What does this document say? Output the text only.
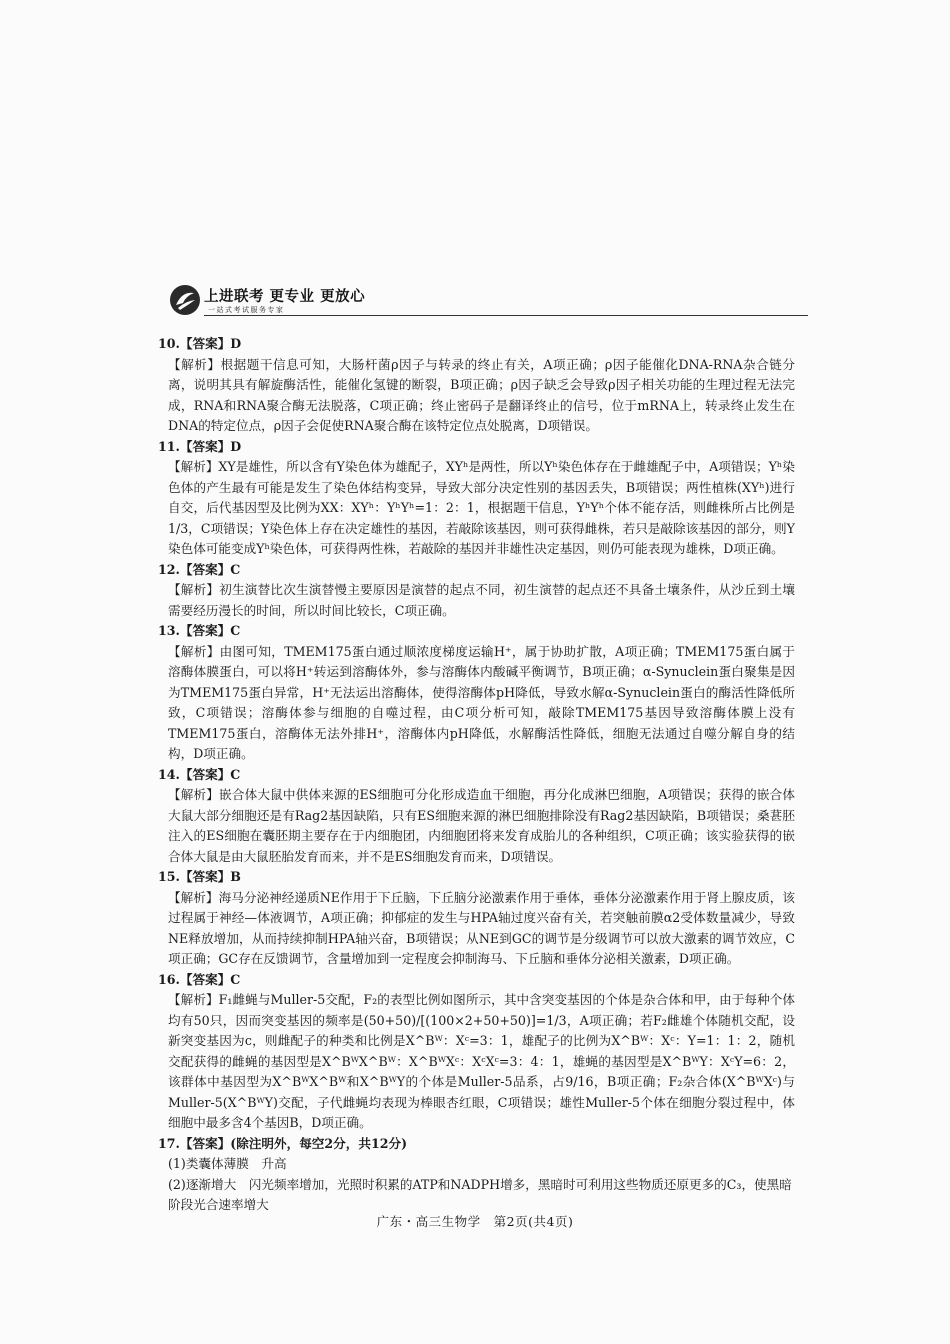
上进联考 更专业 更放心
一站式考试服务专家
10.【答案】D

【解析】根据题干信息可知，大肠杆菌ρ因子与转录的终止有关，A项正确；ρ因子能催化DNA-RNA杂合链分离，说明其具有解旋酶活性，能催化氢键的断裂，B项正确；ρ因子缺乏会导致ρ因子相关功能的生理过程无法完成，RNA和RNA聚合酶无法脱落，C项正确；终止密码子是翻译终止的信号，位于mRNA上，转录终止发生在DNA的特定位点，ρ因子会促使RNA聚合酶在该特定位点处脱离，D项错误。

11.【答案】D

【解析】XY是雄性，所以含有Y染色体为雄配子，XYʰ是两性，所以Yʰ染色体存在于雌雄配子中，A项错误；Yʰ染色体的产生最有可能是发生了染色体结构变异，导致大部分决定性别的基因丢失，B项错误；两性植株(XYʰ)进行自交，后代基因型及比例为XX：XYʰ：YʰYʰ=1：2：1，根据题干信息，YʰYʰ个体不能存活，则雌株所占比例是1/3，C项错误；Y染色体上存在决定雄性的基因，若敲除该基因，则可获得雌株，若只是敲除该基因的部分，则Y染色体可能变成Yʰ染色体，可获得两性株，若敲除的基因并非雄性决定基因，则仍可能表现为雄株，D项正确。

12.【答案】C

【解析】初生演替比次生演替慢主要原因是演替的起点不同，初生演替的起点还不具备土壤条件，从沙丘到土壤需要经历漫长的时间，所以时间比较长，C项正确。

13.【答案】C

【解析】由图可知，TMEM175蛋白通过顺浓度梯度运输H⁺，属于协助扩散，A项正确；TMEM175蛋白属于溶酶体膜蛋白，可以将H⁺转运到溶酶体外，参与溶酶体内酸碱平衡调节，B项正确；α-Synuclein蛋白聚集是因为TMEM175蛋白异常，H⁺无法运出溶酶体，使得溶酶体pH降低，导致水解α-Synuclein蛋白的酶活性降低所致，C项错误；溶酶体参与细胞的自噬过程，由C项分析可知，敲除TMEM175基因导致溶酶体膜上没有TMEM175蛋白，溶酶体无法外排H⁺，溶酶体内pH降低，水解酶活性降低，细胞无法通过自噬分解自身的结构，D项正确。

14.【答案】C

【解析】嵌合体大鼠中供体来源的ES细胞可分化形成造血干细胞，再分化成淋巴细胞，A项错误；获得的嵌合体大鼠大部分细胞还是有Rag2基因缺陷，只有ES细胞来源的淋巴细胞排除没有Rag2基因缺陷，B项错误；桑葚胚注入的ES细胞在囊胚期主要存在于内细胞团，内细胞团将来发育成胎儿的各种组织，C项正确；该实验获得的嵌合体大鼠是由大鼠胚胎发育而来，并不是ES细胞发育而来，D项错误。

15.【答案】B

【解析】海马分泌神经递质NE作用于下丘脑，下丘脑分泌激素作用于垂体，垂体分泌激素作用于肾上腺皮质，该过程属于神经—体液调节，A项正确；抑郁症的发生与HPA轴过度兴奋有关，若突触前膜α2受体数量减少，导致NE释放增加，从而持续抑制HPA轴兴奋，B项错误；从NE到GC的调节是分级调节可以放大激素的调节效应，C项正确；GC存在反馈调节，含量增加到一定程度会抑制海马、下丘脑和垂体分泌相关激素，D项正确。

16.【答案】C

【解析】F₁雌蝇与Muller-5交配，F₂的表型比例如图所示，其中含突变基因的个体是杂合体和甲，由于每种个体均有50只，因而突变基因的频率是(50+50)/[(100×2+50+50)]=1/3，A项正确；若F₂雌雄个体随机交配，设新突变基因为c，则雌配子的种类和比例是X^Bᵂ：Xᶜ=3：1，雄配子的比例为X^Bᵂ：Xᶜ：Y=1：1：2，随机交配获得的雌蝇的基因型是X^BᵂX^Bᵂ：X^BᵂXᶜ：XᶜXᶜ=3：4：1，雄蝇的基因型是X^BᵂY：XᶜY=6：2，该群体中基因型为X^BᵂX^Bᵂ和X^BᵂY的个体是Muller-5品系，占9/16，B项正确；F₂杂合体(X^BᵂXᶜ)与Muller-5(X^BᵂY)交配，子代雌蝇均表现为棒眼杏红眼，C项错误；雄性Muller-5个体在细胞分裂过程中，体细胞中最多含4个基因B，D项正确。

17.【答案】(除注明外，每空2分，共12分)

(1)类囊体薄膜　升高

(2)逐渐增大　闪光频率增加，光照时积累的ATP和NADPH增多，黑暗时可利用这些物质还原更多的C₃，使黑暗阶段光合速率增大

广东・高三生物学　第2页(共4页)
